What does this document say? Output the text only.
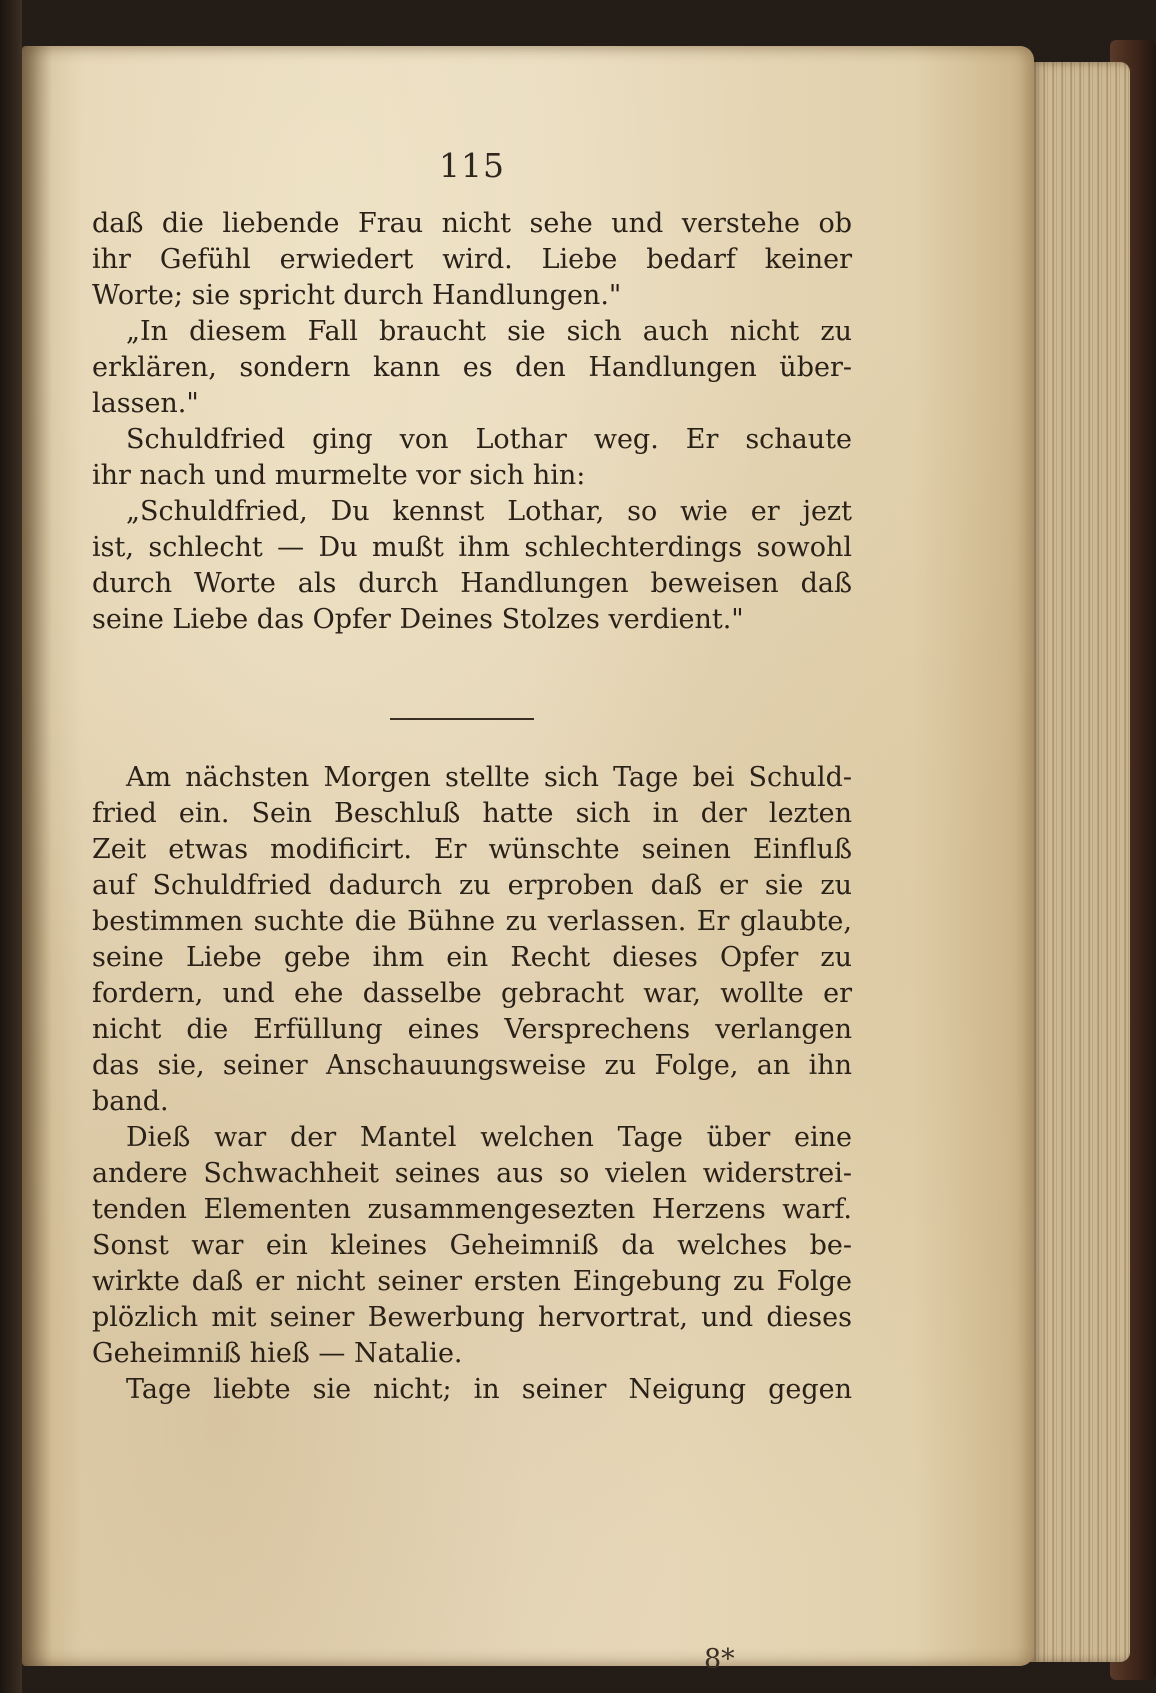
115
daß die liebende Frau nicht sehe und verstehe ob
ihr Gefühl erwiedert wird. Liebe bedarf keiner
Worte; sie spricht durch Handlungen."
„In diesem Fall braucht sie sich auch nicht zu
erklären, sondern kann es den Handlungen über-
lassen."
Schuldfried ging von Lothar weg. Er schaute
ihr nach und murmelte vor sich hin:
„Schuldfried, Du kennst Lothar, so wie er jezt
ist, schlecht — Du mußt ihm schlechterdings sowohl
durch Worte als durch Handlungen beweisen daß
seine Liebe das Opfer Deines Stolzes verdient."
Am nächsten Morgen stellte sich Tage bei Schuld-
fried ein. Sein Beschluß hatte sich in der lezten
Zeit etwas modificirt. Er wünschte seinen Einfluß
auf Schuldfried dadurch zu erproben daß er sie zu
bestimmen suchte die Bühne zu verlassen. Er glaubte,
seine Liebe gebe ihm ein Recht dieses Opfer zu
fordern, und ehe dasselbe gebracht war, wollte er
nicht die Erfüllung eines Versprechens verlangen
das sie, seiner Anschauungsweise zu Folge, an ihn
band.
Dieß war der Mantel welchen Tage über eine
andere Schwachheit seines aus so vielen widerstrei-
tenden Elementen zusammengesezten Herzens warf.
Sonst war ein kleines Geheimniß da welches be-
wirkte daß er nicht seiner ersten Eingebung zu Folge
plözlich mit seiner Bewerbung hervortrat, und dieses
Geheimniß hieß — Natalie.
Tage liebte sie nicht; in seiner Neigung gegen
8*
